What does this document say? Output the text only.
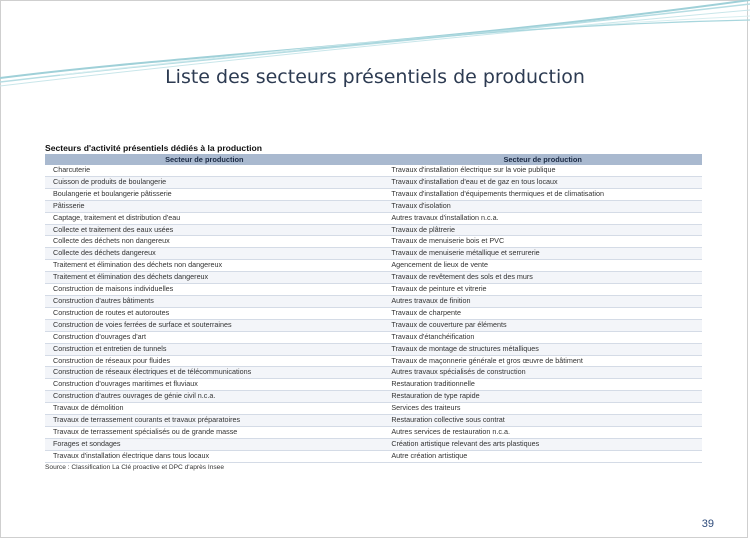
Liste des secteurs présentiels de production
Secteurs d'activité présentiels dédiés à la production
Secteur de production		Secteur de production
Charcuterie		Travaux d'installation électrique sur la voie publique
Cuisson de produits de boulangerie		Travaux d'installation d'eau et de gaz en tous locaux
Boulangerie et boulangerie pâtisserie		Travaux d'installation d'équipements thermiques et de climatisation
Pâtisserie		Travaux d'isolation
Captage, traitement et distribution d'eau		Autres travaux d'installation n.c.a.
Collecte et traitement des eaux usées		Travaux de plâtrerie
Collecte des déchets non dangereux		Travaux de menuiserie bois et PVC
Collecte des déchets dangereux		Travaux de menuiserie métallique et serrurerie
Traitement et élimination des déchets non dangereux		Agencement de lieux de vente
Traitement et élimination des déchets dangereux		Travaux de revêtement des sols et des murs
Construction de maisons individuelles		Travaux de peinture et vitrerie
Construction d'autres bâtiments		Autres travaux de finition
Construction de routes et autoroutes		Travaux de charpente
Construction de voies ferrées de surface et souterraines		Travaux de couverture par éléments
Construction d'ouvrages d'art		Travaux d'étanchéification
Construction et entretien de tunnels		Travaux de montage de structures métalliques
Construction de réseaux pour fluides		Travaux de maçonnerie générale et gros œuvre de bâtiment
Construction de réseaux électriques et de télécommunications		Autres travaux spécialisés de construction
Construction d'ouvrages maritimes et fluviaux		Restauration traditionnelle
Construction d'autres ouvrages de génie civil n.c.a.		Restauration de type rapide
Travaux de démolition		Services des traiteurs
Travaux de terrassement courants et travaux préparatoires		Restauration collective sous contrat
Travaux de terrassement spécialisés ou de grande masse		Autres services de restauration n.c.a.
Forages et sondages		Création artistique relevant des arts plastiques
Travaux d'installation électrique dans tous locaux		Autre création artistique
Source : Classification La Clé proactive et DPC d'après Insee
39
